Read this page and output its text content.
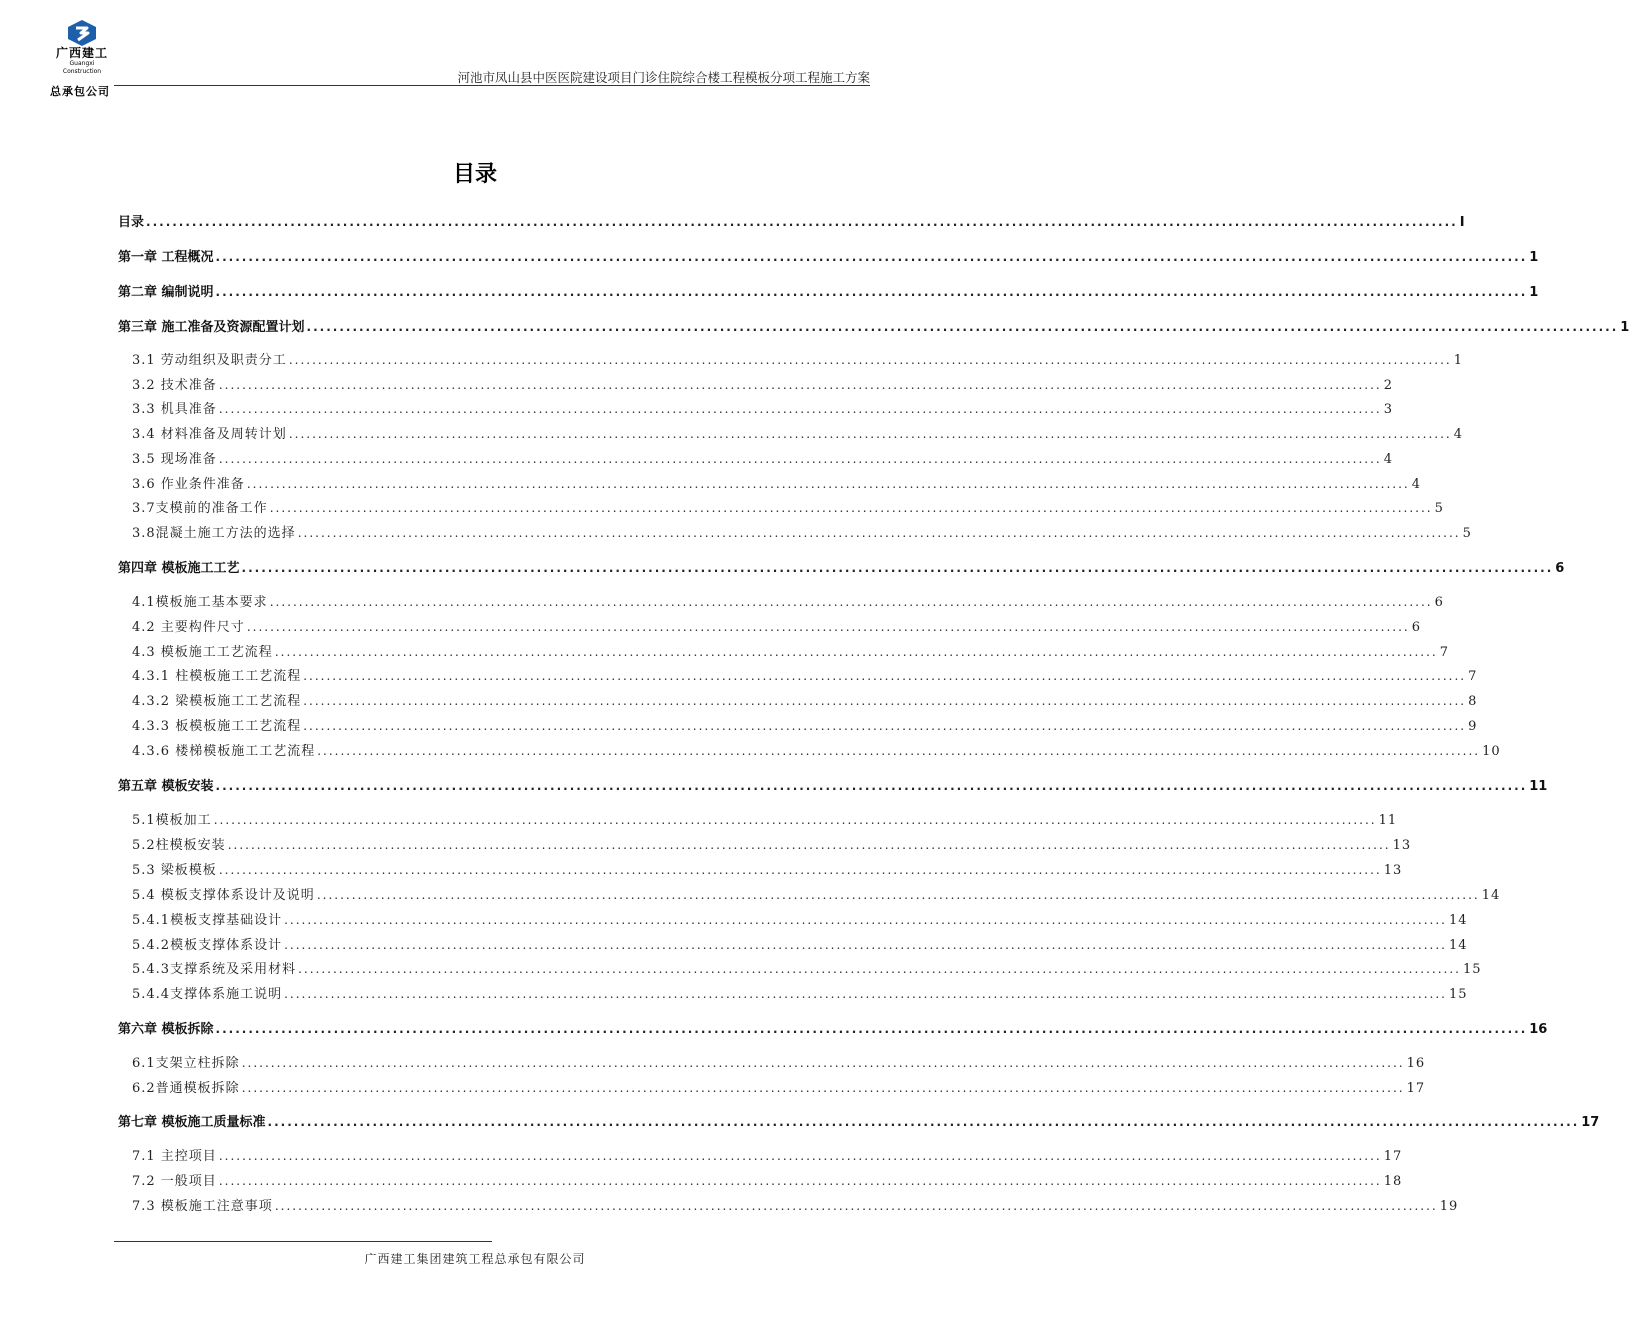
广西建工
Guangxi Construction
总承包公司
河池市凤山县中医医院建设项目门诊住院综合楼工程模板分项工程施工方案
目录
目录 ........................................................................................................................................................................................................ I
第一章 工程概况 ........................................................................................................................................................................................................ 1
第二章 编制说明 ........................................................................................................................................................................................................ 1
第三章 施工准备及资源配置计划 ........................................................................................................................................................................................................ 1
3.1 劳动组织及职责分工 ........................................................................................................................................................................................................ 1
3.2 技术准备 ........................................................................................................................................................................................................ 2
3.3 机具准备 ........................................................................................................................................................................................................ 3
3.4 材料准备及周转计划 ........................................................................................................................................................................................................ 4
3.5 现场准备 ........................................................................................................................................................................................................ 4
3.6 作业条件准备 ........................................................................................................................................................................................................ 4
3.7支模前的准备工作 ........................................................................................................................................................................................................ 5
3.8混凝土施工方法的选择 ........................................................................................................................................................................................................ 5
第四章 模板施工工艺 ........................................................................................................................................................................................................ 6
4.1模板施工基本要求 ........................................................................................................................................................................................................ 6
4.2 主要构件尺寸 ........................................................................................................................................................................................................ 6
4.3 模板施工工艺流程 ........................................................................................................................................................................................................ 7
4.3.1 柱模板施工工艺流程 ........................................................................................................................................................................................................ 7
4.3.2 梁模板施工工艺流程 ........................................................................................................................................................................................................ 8
4.3.3 板模板施工工艺流程 ........................................................................................................................................................................................................ 9
4.3.6 楼梯模板施工工艺流程 ........................................................................................................................................................................................................ 10
第五章 模板安装 ........................................................................................................................................................................................................ 11
5.1模板加工 ........................................................................................................................................................................................................ 11
5.2柱模板安装 ........................................................................................................................................................................................................ 13
5.3 梁板模板 ........................................................................................................................................................................................................ 13
5.4 模板支撑体系设计及说明 ........................................................................................................................................................................................................ 14
5.4.1模板支撑基础设计 ........................................................................................................................................................................................................ 14
5.4.2模板支撑体系设计 ........................................................................................................................................................................................................ 14
5.4.3支撑系统及采用材料 ........................................................................................................................................................................................................ 15
5.4.4支撑体系施工说明 ........................................................................................................................................................................................................ 15
第六章 模板拆除 ........................................................................................................................................................................................................ 16
6.1支架立柱拆除 ........................................................................................................................................................................................................ 16
6.2普通模板拆除 ........................................................................................................................................................................................................ 17
第七章 模板施工质量标准 ........................................................................................................................................................................................................ 17
7.1 主控项目 ........................................................................................................................................................................................................ 17
7.2 一般项目 ........................................................................................................................................................................................................ 18
7.3 模板施工注意事项 ........................................................................................................................................................................................................ 19
广西建工集团建筑工程总承包有限公司
